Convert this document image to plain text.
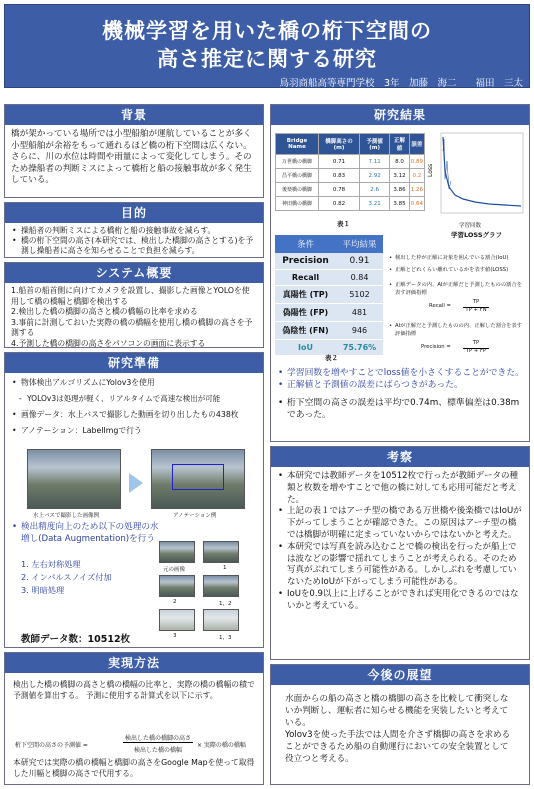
機械学習を用いた橋の桁下空間の
高さ推定に関する研究
鳥羽商船高等専門学校　3年　加藤　海二　　福田　三太
背景
橋が架かっている場所では小型船舶が運航していることが多く小型船舶が余裕をもって通れるほど橋の桁下空間は広くない。
さらに、川の水位は時間や雨量によって変化してしまう。そのため操船者の判断ミスによって橋桁と船の接触事故が多く発生している。
目的
• 操船者の判断ミスによる橋桁と船の接触事故を減らす。
• 橋の桁下空間の高さ(本研究では、検出した橋脚の高さとする)を予測し操船者に高さを知らせることで負担を減らす。
システム概要
1.船首の船首側に向けてカメラを設置し、撮影した画像とYOLOを使用して橋の橋幅と橋脚を検出する
2.検出した橋の橋脚の高さと橋の橋幅の比率を求める
3.事前に計測しておいた実際の橋の橋幅を使用し橋の橋脚の高さを予測する
4.予測した橋の橋脚の高さをパソコンの画面に表示する
研究準備
• 物体検出アルゴリズムにYolov3を使用
- YOLOv3は処理が軽く、リアルタイムで高速な検出が可能
• 画像データ：水上バスで撮影した動画を切り出したもの438枚
• アノテーション：LabelImgで行う
水上バスで撮影した画像例	アノテーション例
• 検出精度向上のため以下の処理の水増し(Data Augmentation)を行う
1. 左右対称処理
2. インパルスノイズ付加
3. 明暗処理
教師データ数：10512枚
元の画像	1
2	1，2
3	1，3
実現方法
検出した橋の橋脚の高さと橋の橋幅の比率と、実際の橋の橋幅の積で予測値を算出する。 予測に使用する計算式を以下に示す。
桁下空間の高さの予測値 =
検出した橋の橋脚の高さ
検出した橋の橋幅
× 実際の橋の橋幅
本研究では実際の橋の橋幅と橋脚の高さをGoogle Mapを使って取得した川幅と橋脚の高さで代用する。
研究結果
Bridge Name	橋脚高さの(m)	予測値(m)	正解値	誤差
万世橋の橋脚	0.71	7.11	8.0	0.89
昌平橋の橋脚	0.83	2.92	3.12	0.2
後楽橋の橋脚	0.78	2.6	3.86	1.26
神田橋の橋脚	0.82	3.21	3.85	0.64
表１
Loss
学習回数
学習LOSSグラフ
条件	平均結果
Precision	0.91
Recall	0.84
真陽性 (TP)	5102
偽陽性 (FP)	481
偽陰性 (FN)	946
IoU	75.76%
表２
• 検出した枠が正解に対象を囲んでいる割合(IoU)
• 正解とどれくらい離れているかを表す値(LOSS)
• 正解データの内、AIが正解だと予測したものの割合を表す評価指標
Recall =
TP
TP + FN
• AIが正解だと予測したものの内、正解した割合を表す評価指標
Precision =
TP
TP + FP
• 学習回数を増やすことでloss値を小さくすることができた。
• 正解値と予測値の誤差にばらつきがあった。
• 桁下空間の高さの誤差は平均で0.74m、標準偏差は0.38mであった。
考察
• 本研究では教師データを10512枚で行ったが教師データの種類と枚数を増やすことで他の橋に対しても応用可能だと考えた。
• 上記の表１ではアーチ型の橋である万世橋や後楽橋ではIoUが下がってしまうことが確認できた。この原因はアーチ型の橋では橋脚が明確に定まっていないからではないかと考えた。
• 本研究では写真を読み込むことで橋の検出を行ったが船上では波などの影響で揺れてしまうことが考えられる。そのため写真がぶれてしまう可能性がある。しかしぶれを考慮していないためIoUが下がってしまう可能性がある。
• IoUを0.9以上に上げることができれば実用化できるのではないかと考えている。
今後の展望
水面からの船の高さと橋の橋脚の高さを比較して衝突しないか判断し、運転者に知らせる機能を実装したいと考えている。
Yolov3を使った手法では人間を介さず橋脚の高さを求めることができるため船の自動運行においての安全装置として役立つと考える。
